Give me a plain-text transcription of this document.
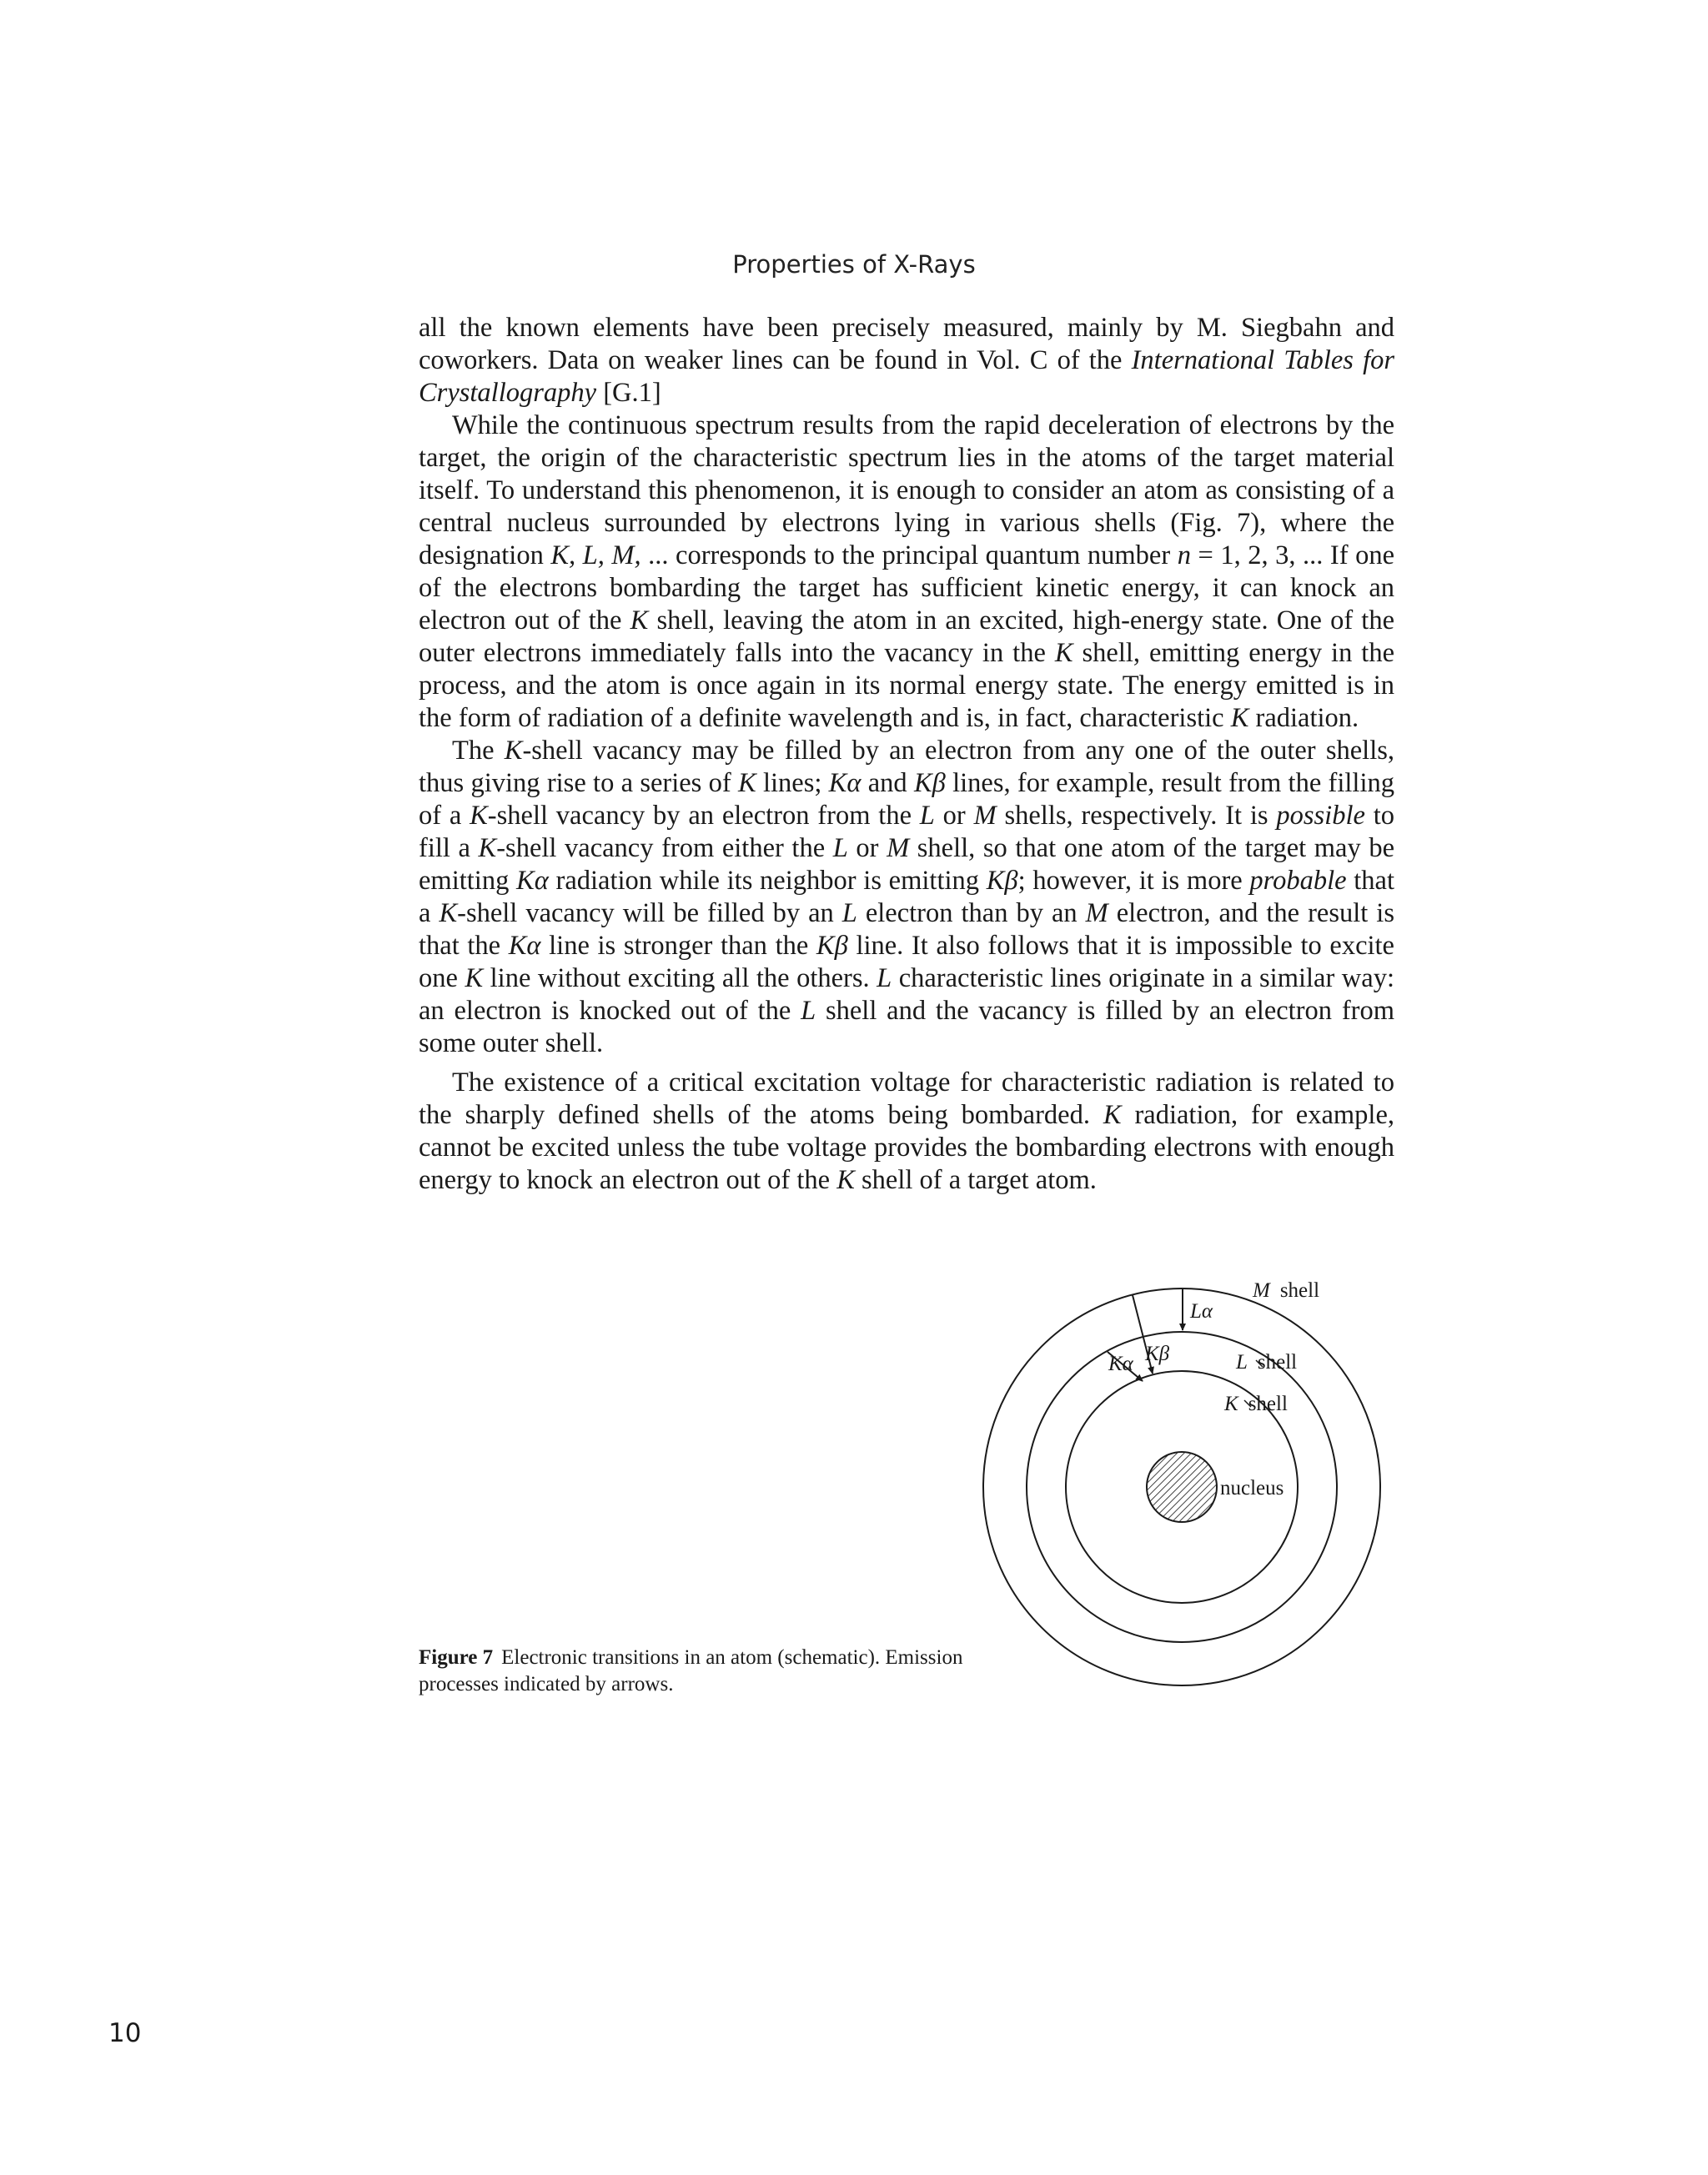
Properties of X-Rays

all the known elements have been precisely measured, mainly by M. Siegbahn and coworkers. Data on weaker lines can be found in Vol. C of the International Tables for Crystallography [G.1]

While the continuous spectrum results from the rapid deceleration of electrons by the target, the origin of the characteristic spectrum lies in the atoms of the target material itself. To understand this phenomenon, it is enough to consider an atom as consisting of a central nucleus surrounded by electrons lying in various shells (Fig. 7), where the designation K, L, M, ... corresponds to the principal quantum number n = 1, 2, 3, ... If one of the electrons bombarding the target has sufficient kinetic energy, it can knock an electron out of the K shell, leaving the atom in an excited, high-energy state. One of the outer electrons immediately falls into the vacancy in the K shell, emitting energy in the process, and the atom is once again in its normal energy state. The energy emitted is in the form of radiation of a definite wavelength and is, in fact, characteristic K radiation.

The K-shell vacancy may be filled by an electron from any one of the outer shells, thus giving rise to a series of K lines; Kα and Kβ lines, for example, result from the filling of a K-shell vacancy by an electron from the L or M shells, respectively. It is possible to fill a K-shell vacancy from either the L or M shell, so that one atom of the target may be emitting Kα radiation while its neighbor is emitting Kβ; however, it is more probable that a K-shell vacancy will be filled by an L electron than by an M electron, and the result is that the Kα line is stronger than the Kβ line. It also follows that it is impossible to excite one K line without exciting all the others. L characteristic lines originate in a similar way: an electron is knocked out of the L shell and the vacancy is filled by an electron from some outer shell.

The existence of a critical excitation voltage for characteristic radiation is related to the sharply defined shells of the atoms being bombarded. K radiation, for example, cannot be excited unless the tube voltage provides the bombarding electrons with enough energy to knock an electron out of the K shell of a target atom.

M shell
L shell
K shell
Lα
Kβ
Kα
nucleus
Figure 7 Electronic transitions in an atom (schematic). Emission processes indicated by arrows.
10
